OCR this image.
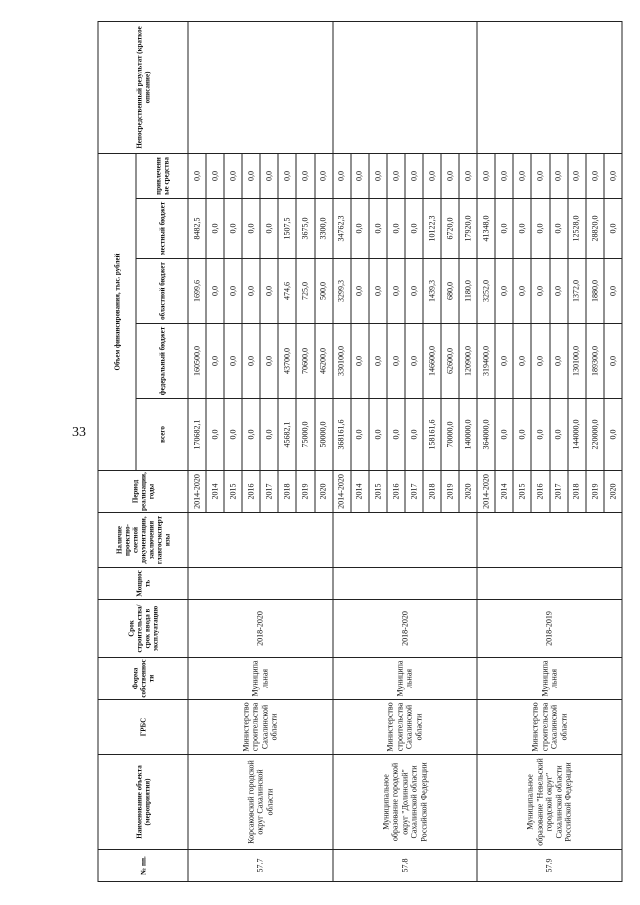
33
№ пп.	Наименование объекта (мероприятия)	ГРБС	Форма собственности	Срок строительства/срок ввода в эксплуатацию	Мощность	Наличие проектно-сметной документации, заключения главгосэкспертизы	Период реализации, годы	Объем финансирования, тыс. рублей					Непосредственный результат (краткое описание)
								всего	федеральный бюджет	областной бюджет	местный бюджет	привлеченные средства	
57.7	Корсаковский городской округ Сахалинской области	Министерство строительства Сахалинской области	Муниципальная	2018-2020			2014-2020	170682,1	160500,0	1699,6	8482,5	0,0	
							2014	0,0	0,0	0,0	0,0	0,0	
							2015	0,0	0,0	0,0	0,0	0,0	
							2016	0,0	0,0	0,0	0,0	0,0	
							2017	0,0	0,0	0,0	0,0	0,0	
							2018	45682,1	43700,0	474,6	1507,5	0,0	
							2019	75000,0	70600,0	725,0	3675,0	0,0	
							2020	50000,0	46200,0	500,0	3300,0	0,0	
57.8	Муниципальное образование городской округ "Долинский" Сахалинской области Российской Федерации	Министерство строительства Сахалинской области	Муниципальная	2018-2020			2014-2020	368161,6	330100,0	3299,3	34762,3	0,0	
							2014	0,0	0,0	0,0	0,0	0,0	
							2015	0,0	0,0	0,0	0,0	0,0	
							2016	0,0	0,0	0,0	0,0	0,0	
							2017	0,0	0,0	0,0	0,0	0,0	
							2018	158161,6	146600,0	1439,3	10122,3	0,0	
							2019	70000,0	62600,0	680,0	6720,0	0,0	
							2020	140000,0	120900,0	1180,0	17920,0	0,0	
57.9	Муниципальное образование "Невельский городской округ" Сахалинской области Российской Федерации	Министерство строительства Сахалинской области	Муниципальная	2018-2019			2014-2020	364000,0	319400,0	3252,0	41348,0	0,0	
							2014	0,0	0,0	0,0	0,0	0,0	
							2015	0,0	0,0	0,0	0,0	0,0	
							2016	0,0	0,0	0,0	0,0	0,0	
							2017	0,0	0,0	0,0	0,0	0,0	
							2018	144000,0	130100,0	1372,0	12528,0	0,0	
							2019	220000,0	189300,0	1880,0	28820,0	0,0	
							2020	0,0	0,0	0,0	0,0	0,0	
